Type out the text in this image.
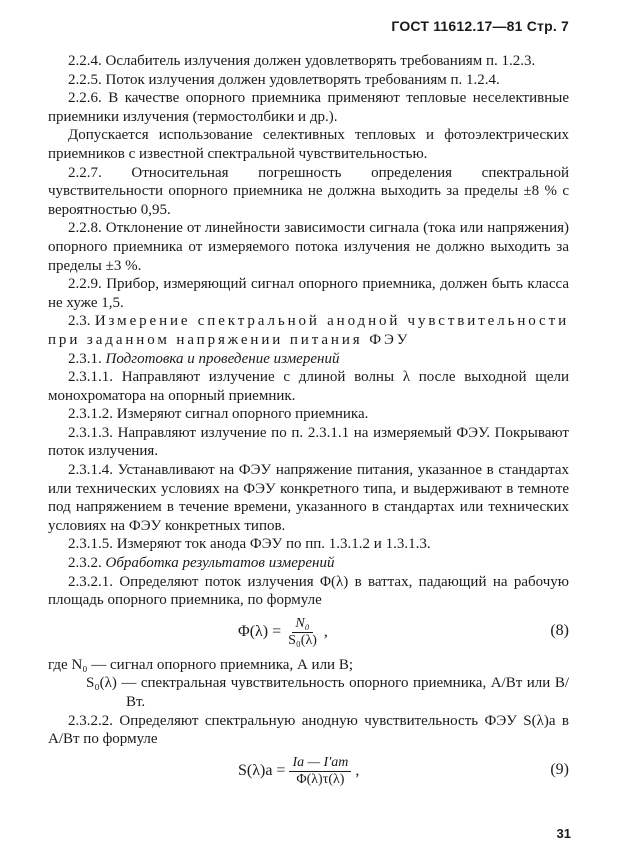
ГОСТ 11612.17—81 Стр. 7

2.2.4. Ослабитель излучения должен удовлетворять требованиям п. 1.2.3.

2.2.5. Поток излучения должен удовлетворять требованиям п. 1.2.4.

2.2.6. В качестве опорного приемника применяют тепловые неселективные приемники излучения (термостолбики и др.).

Допускается использование селективных тепловых и фотоэлектрических приемников с известной спектральной чувствительностью.

2.2.7. Относительная погрешность определения спектральной чувствительности опорного приемника не должна выходить за пределы ±8 % с вероятностью 0,95.

2.2.8. Отклонение от линейности зависимости сигнала (тока или напряжения) опорного приемника от измеряемого потока излучения не должно выходить за пределы ±3 %.

2.2.9. Прибор, измеряющий сигнал опорного приемника, должен быть класса не хуже 1,5.

2.3. Измерение спектральной анодной чувствительности при заданном напряжении питания ФЭУ

2.3.1. Подготовка и проведение измерений

2.3.1.1. Направляют излучение с длиной волны λ после выходной щели монохроматора на опорный приемник.

2.3.1.2. Измеряют сигнал опорного приемника.

2.3.1.3. Направляют излучение по п. 2.3.1.1 на измеряемый ФЭУ. Покрывают поток излучения.

2.3.1.4. Устанавливают на ФЭУ напряжение питания, указанное в стандартах или технических условиях на ФЭУ конкретного типа, и выдерживают в темноте под напряжением в течение времени, указанного в стандартах или технических условиях на ФЭУ конкретных типов.

2.3.1.5. Измеряют ток анода ФЭУ по пп. 1.3.1.2 и 1.3.1.3.

2.3.2. Обработка результатов измерений

2.3.2.1. Определяют поток излучения Φ(λ) в ваттах, падающий на рабочую площадь опорного приемника, по формуле

$\Phi(\lambda) = \frac{\text{N₀}}{\text{S₀(λ)}}$ ,	(8)

где N₀ — сигнал опорного приемника, А или В;

S₀(λ) — спектральная чувствительность опорного приемника, А/Вт или В/Вт.

2.3.2.2. Определяют спектральную анодную чувствительность ФЭУ S(λ)а в А/Вт по формуле

$S(\lambda)а = \frac{Iа — I'ат}{\Phi(\lambda)\tau(\lambda)}$ ,	(9)
31
